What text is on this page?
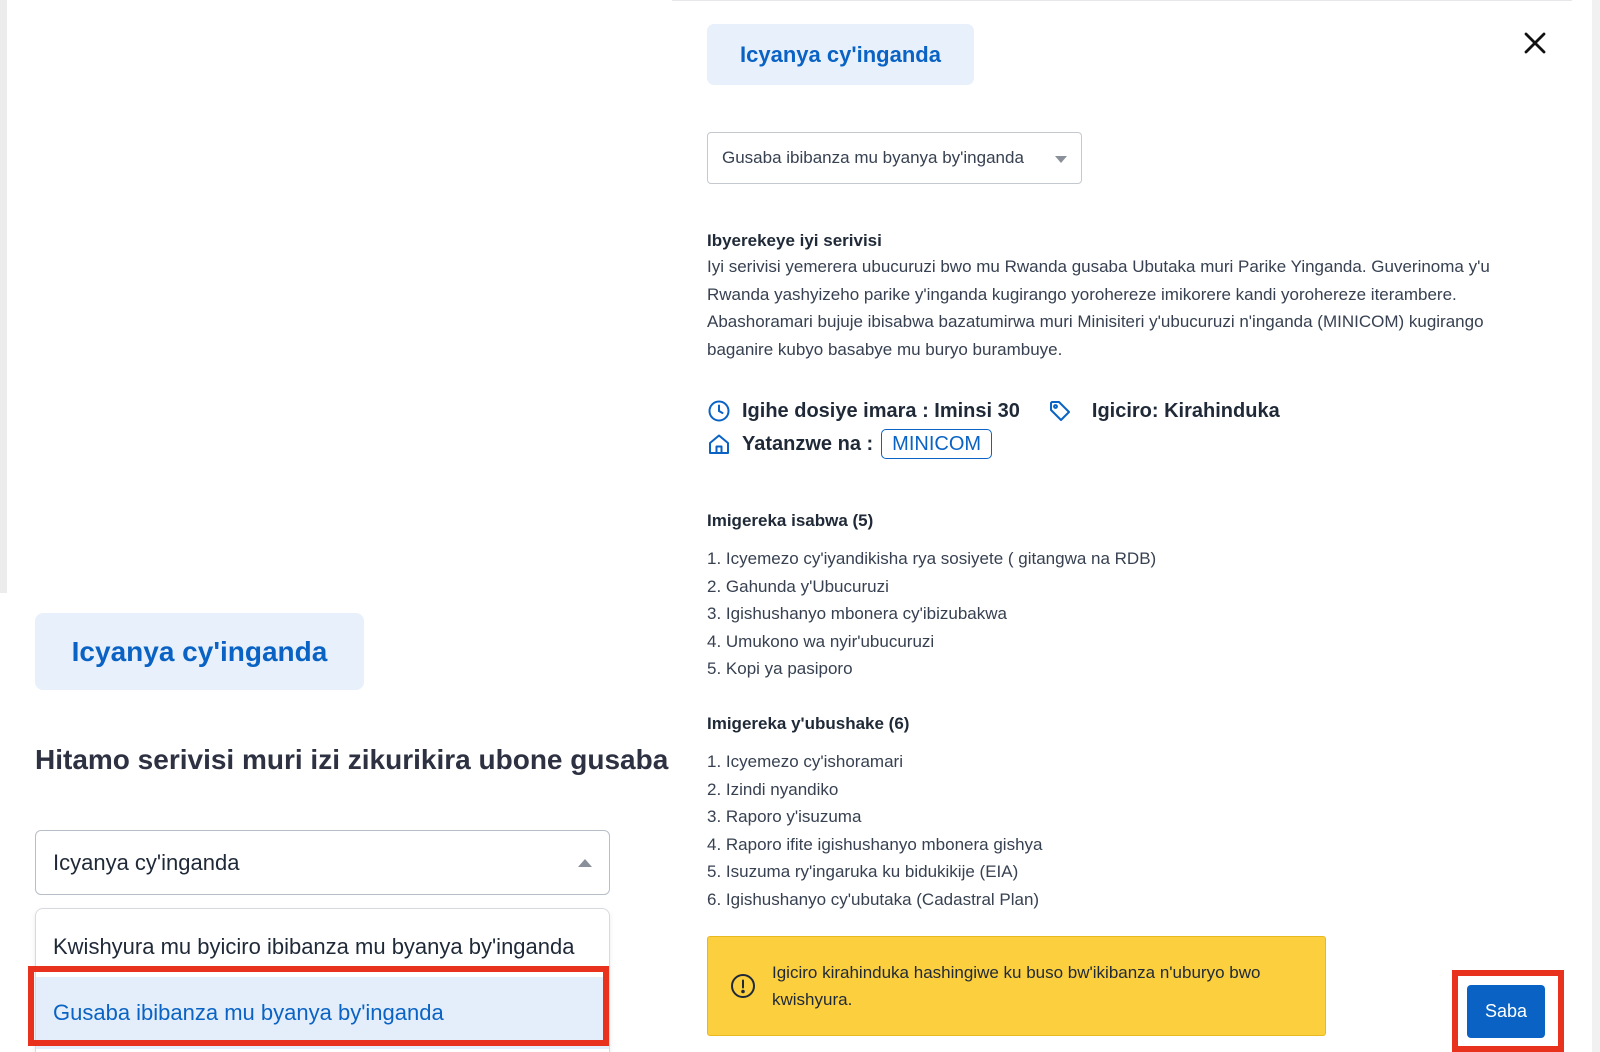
Icyanya cy'inganda
Hitamo serivisi muri izi zikurikira ubone gusaba
Icyanya cy'inganda
Kwishyura mu byiciro ibibanza mu byanya by'inganda
Gusaba ibibanza mu byanya by'inganda
Icyanya cy'inganda
Gusaba ibibanza mu byanya by'inganda
Ibyerekeye iyi serivisi

Iyi serivisi yemerera ubucuruzi bwo mu Rwanda gusaba Ubutaka muri Parike Yinganda. Guverinoma y'u Rwanda yashyizeho parike y'inganda kugirango yorohereze imikorere kandi yorohereze iterambere. Abashoramari bujuje ibisabwa bazatumirwa muri Minisiteri y'ubucuruzi n'inganda (MINICOM) kugirango baganire kubyo basabye mu buryo burambuye.

Igihe dosiye imara : Iminsi 30	Igiciro: Kirahinduka
Yatanzwe na : MINICOM
Imigereka isabwa (5)
1. Icyemezo cy'iyandikisha rya sosiyete ( gitangwa na RDB)
2. Gahunda y'Ubucuruzi
3. Igishushanyo mbonera cy'ibizubakwa
4. Umukono wa nyir'ubucuruzi
5. Kopi ya pasiporo
Imigereka y'ubushake (6)
1. Icyemezo cy'ishoramari
2. Izindi nyandiko
3. Raporo y'isuzuma
4. Raporo ifite igishushanyo mbonera gishya
5. Isuzuma ry'ingaruka ku bidukikije (EIA)
6. Igishushanyo cy'ubutaka (Cadastral Plan)
Igiciro kirahinduka hashingiwe ku buso bw'ikibanza n'uburyo bwo kwishyura.
Saba
